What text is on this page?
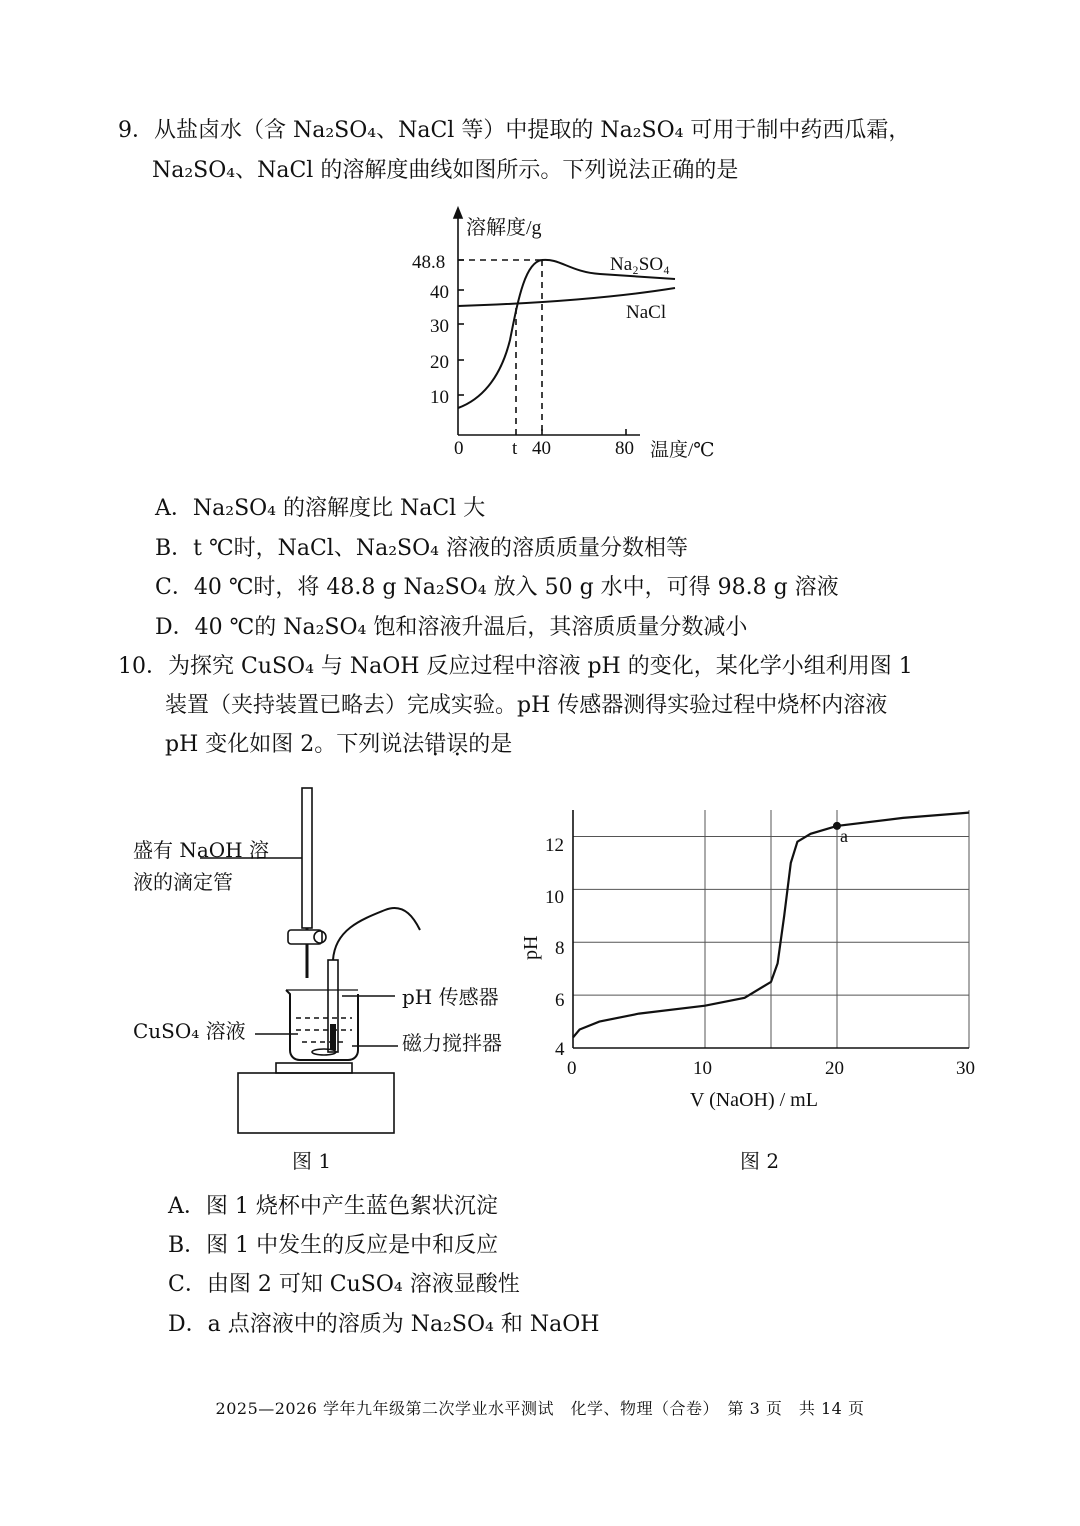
9．从盐卤水（含 Na₂SO₄、NaCl 等）中提取的 Na₂SO₄ 可用于制中药西瓜霜，
Na₂SO₄、NaCl 的溶解度曲线如图所示。下列说法正确的是
溶解度/g
48.8
40
30
20
10
0	t 40	80 温度/℃
Na₂SO₄
NaCl
A．Na₂SO₄ 的溶解度比 NaCl 大
B．t ℃时，NaCl、Na₂SO₄ 溶液的溶质质量分数相等
C．40 ℃时，将 48.8 g Na₂SO₄ 放入 50 g 水中，可得 98.8 g 溶液
D．40 ℃的 Na₂SO₄ 饱和溶液升温后，其溶质质量分数减小
10．为探究 CuSO₄ 与 NaOH 反应过程中溶液 pH 的变化，某化学小组利用图 1
装置（夹持装置已略去）完成实验。pH 传感器测得实验过程中烧杯内溶液
pH 变化如图 2。下列说法错误的是
盛有 NaOH 溶
液的滴定管
pH 传感器
CuSO₄ 溶液	磁力搅拌器
图 1
a
0	10	20	30
4
6
8
10
12
pH
V (NaOH) / mL
图 2
A．图 1 烧杯中产生蓝色絮状沉淀
B．图 1 中发生的反应是中和反应
C．由图 2 可知 CuSO₄ 溶液显酸性
D．a 点溶液中的溶质为 Na₂SO₄ 和 NaOH
2025—2026 学年九年级第二次学业水平测试　化学、物理（合卷）　第 3 页　共 14 页
